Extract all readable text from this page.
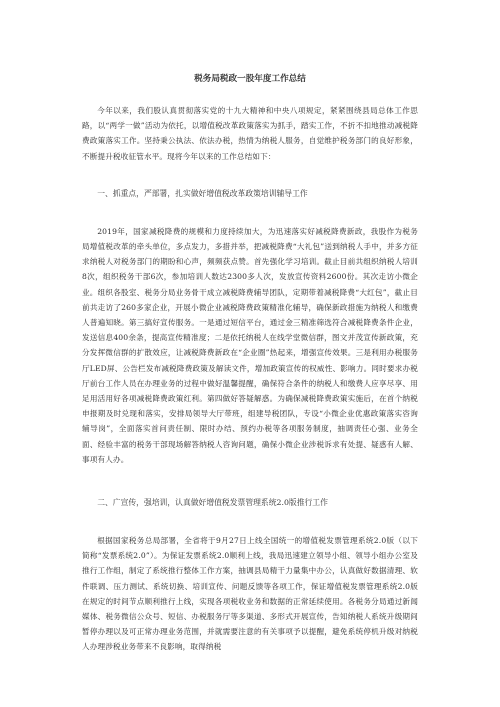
税务局税政一股年度工作总结

今年以来，我们股认真贯彻落实党的十九大精神和中央八项规定，紧紧围绕县局总体工作思路，以“两学一做”活动为依托，以增值税改革政策落实为抓手，踏实工作，不折不扣地推动减税降费政策落实工作。坚持秉公执法、依法办税，热情为纳税人服务，自觉维护税务部门的良好形象，不断提升税收征管水平。现将今年以来的工作总结如下：

一、抓重点，严部署，扎实做好增值税改革政策培训辅导工作

2019年，国家减税降费的规模和力度持续加大，为迅速落实好减税降费新政，我股作为税务局增值税改革的牵头单位，多点发力，多措并举，把减税降费“大礼包”送到纳税人手中，并多方征求纳税人对税务部门的期盼和心声，频频获点赞。首先强化学习培训。截止目前共组织纳税人培训8次，组织税务干部6次，参加培训人数达2300多人次，发放宣传资料2600份。其次走访小微企业。组织各股室、税务分局业务骨干成立减税降费辅导团队，定期带着减税降费“大红包”，截止目前共走访了260多家企业，开展小微企业减税降费政策精准化辅导，确保新政措施为纳税人和缴费人普遍知晓。第三搞好宣传服务。一是通过短信平台，通过金三精准筛选符合减税降费条件企业，发送信息400余条，提高宣传精准度；二是依托纳税人在线学堂微信群，图文并茂宣传新政策，充分发挥微信群的扩散效应，让减税降费新政在“企业圈”热起来，增强宣传效果。三是利用办税服务厅LED屏、公告栏发布减税降费政策及解读文件，增加政策宣传的权威性、影响力。同时要求办税厅前台工作人员在办理业务的过程中做好温馨提醒，确保符合条件的纳税人和缴费人应享尽享、用足用活用好各项减税降费政策红利。第四做好答疑解惑。为确保减税降费政策实施后，在首个纳税申报期及时兑现和落实，安排局领导大厅带班，组建导税团队，专设“小微企业优惠政策落实咨询辅导岗”，全面落实首问责任制、限时办结、预约办税等各项服务制度，抽调责任心强、业务全面、经验丰富的税务干部现场解答纳税人咨询问题，确保小微企业涉税诉求有处提、疑惑有人解、事项有人办。

二、广宣传，强培训，认真做好增值税发票管理系统2.0版推行工作

根据国家税务总局部署，全省将于9月27日上线全国统一的增值税发票管理系统2.0版（以下简称“发票系统2.0”）。为保证发票系统2.0顺利上线，我局迅速建立领导小组、领导小组办公室及推行工作组，制定了系统推行整体工作方案，抽调县局精干力量集中办公，认真做好数据清理、软件联调、压力测试、系统切换、培训宣传、问题反馈等各项工作，保证增值税发票管理系统2.0版在规定的时间节点顺利推行上线，实现各项税收业务和数据的正常延续使用。各税务分局通过新闻媒体、税务微信公众号、短信、办税服务厅等多渠道、多形式开展宣传，告知纳税人系统升级期间暂停办理以及可正常办理业务范围，并就需要注意的有关事项予以提醒，避免系统停机升级对纳税人办理涉税业务带来不良影响，取得纳税
